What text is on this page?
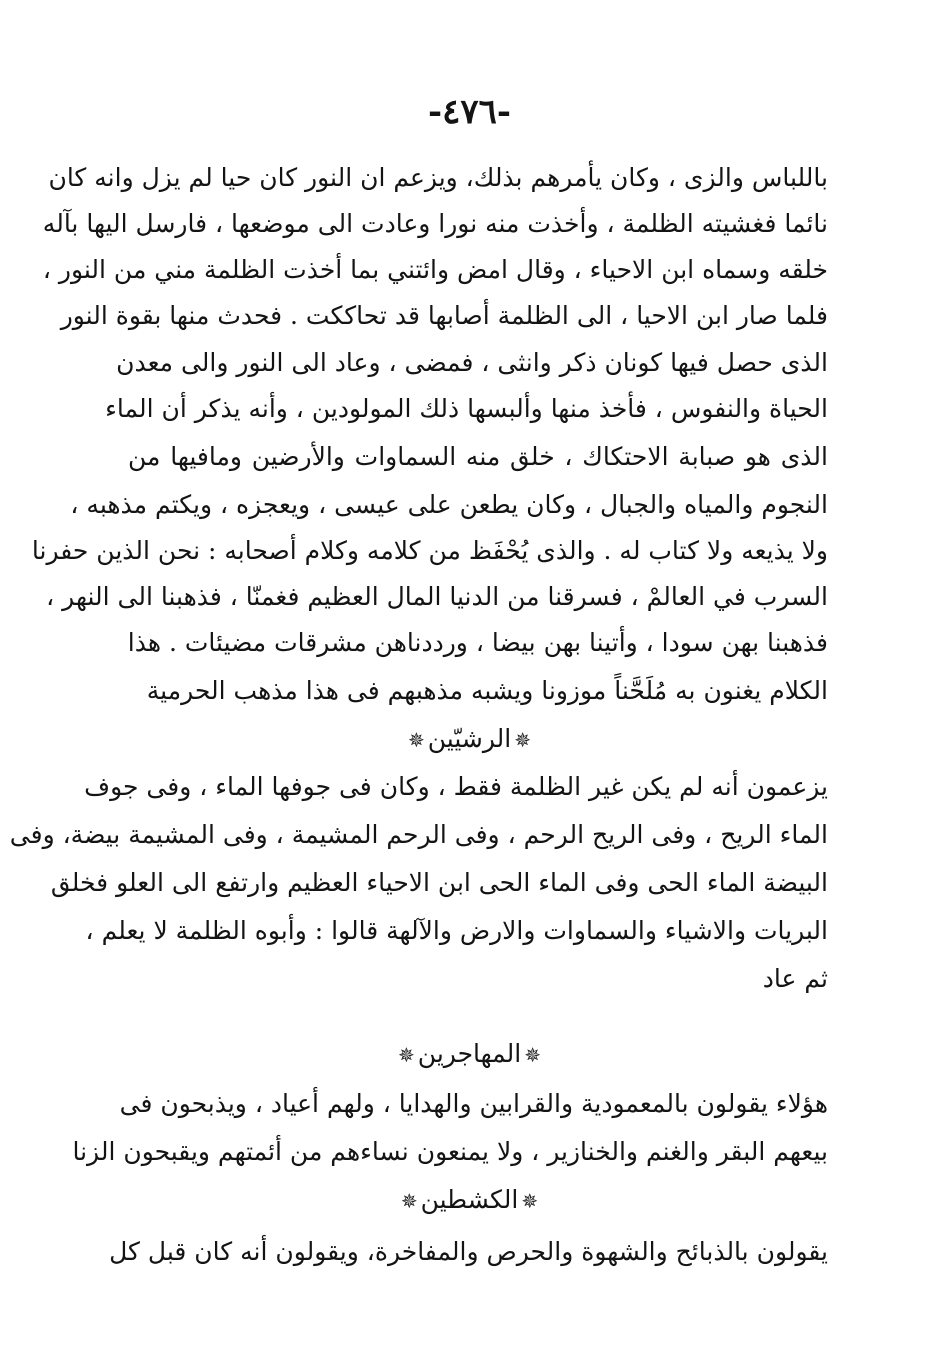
-٤٧٦-
باللباس والزى ، وكان يأمرهم بذلك، ويزعم ان النور كان حيا لم يزل وانه كان
نائما فغشيته الظلمة ، وأخذت منه نورا وعادت الى موضعها ، فارسل اليها بآله
خلقه وسماه ابن الاحياء ، وقال امض وائتني بما أخذت الظلمة مني من النور ،
فلما صار ابن الاحيا ، الى الظلمة أصابها قد تحاككت . فحدث منها بقوة النور
الذى حصل فيها كونان ذكر وانثى ، فمضى ، وعاد الى النور والى معدن
الحياة والنفوس ، فأخذ منها وألبسها ذلك المولودين ، وأنه يذكر أن الماء
الذى هو صبابة الاحتكاك ، خلق منه السماوات والأرضين ومافيها من
النجوم والمياه والجبال ، وكان يطعن على عيسى ، ويعجزه ، ويكتم مذهبه ،
ولا يذيعه ولا كتاب له . والذى يُحْفَظ من كلامه وكلام أصحابه : نحن الذين حفرنا
السرب في العالمْ ، فسرقنا من الدنيا المال العظيم فغمنّا ، فذهبنا الى النهر ،
فذهبنا بهن سودا ، وأتينا بهن بيضا ، ورددناهن مشرقات مضيئات . هذا
الكلام يغنون به مُلَحَّناً موزونا ويشبه مذهبهم فى هذا مذهب الحرمية
✵الرشيّين✵
يزعمون أنه لم يكن غير الظلمة فقط ، وكان فى جوفها الماء ، وفى جوف
الماء الريح ، وفى الريح الرحم ، وفى الرحم المشيمة ، وفى المشيمة بيضة، وفى
البيضة الماء الحى وفى الماء الحى ابن الاحياء العظيم وارتفع الى العلو فخلق
البريات والاشياء والسماوات والارض والآلهة قالوا : وأبوه الظلمة لا يعلم ،
ثم عاد
✵المهاجرين✵
هؤلاء يقولون بالمعمودية والقرابين والهدايا ، ولهم أعياد ، ويذبحون فى
بيعهم البقر والغنم والخنازير ، ولا يمنعون نساءهم من أئمتهم ويقبحون الزنا
✵الكشطين✵
يقولون بالذبائح والشهوة والحرص والمفاخرة، ويقولون أنه كان قبل كل
